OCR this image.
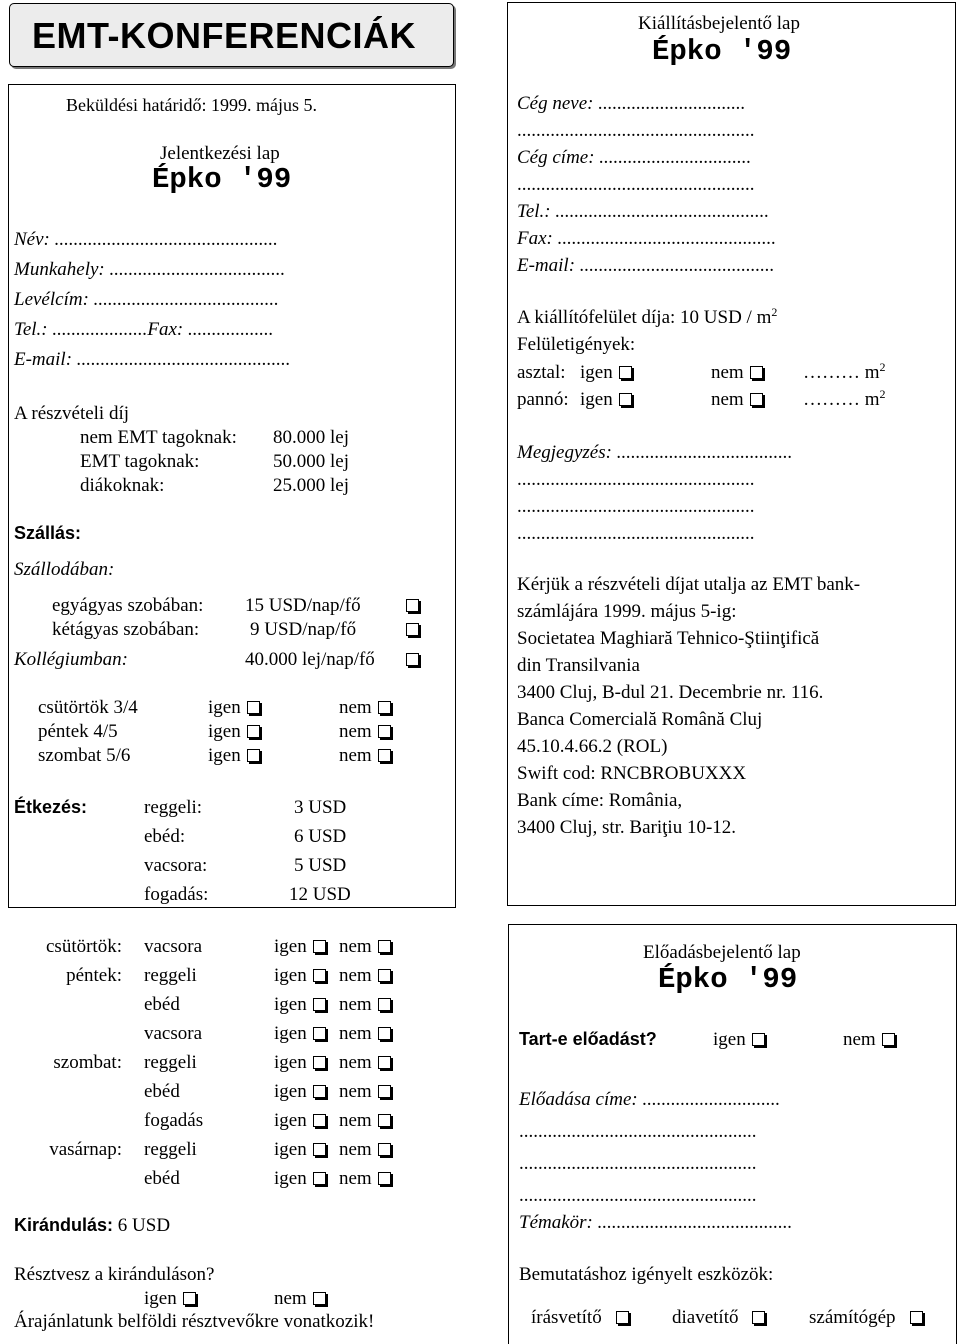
EMT-KONFERENCIÁK
Beküldési határidő: 1999. május 5.
Jelentkezési lap
Épko '99
Név: ...............................................
Munkahely: .....................................
Levélcím: .......................................
Tel.: ....................Fax: ..................
E-mail: .............................................
A részvételi díj
nem EMT tagoknak: 80.000 lej
EMT tagoknak:	50.000 lej
diákoknak:	25.000 lej
Szállás:
Szállodában:
egyágyas szobában: 15 USD/nap/fő
kétágyas szobában:	9 USD/nap/fő
Kollégiumban:	40.000 lej/nap/fő
csütörtök 3/4	igen	nem
péntek 4/5	igen	nem
szombat 5/6	igen	nem
Étkezés:	reggeli:	3 USD
ebéd:	6 USD
vacsora:	5 USD
fogadás:	12 USD
csütörtök: vacsora	igen	nem
péntek: reggeli	igen	nem
ebéd	igen	nem
vacsora	igen	nem
szombat: reggeli	igen	nem
ebéd	igen	nem
fogadás	igen	nem
vasárnap: reggeli	igen	nem
ebéd	igen	nem
Kirándulás: 6 USD
Résztvesz a kiránduláson?
igen	nem
Árajánlatunk belföldi résztvevőkre vonatkozik!
Kiállításbejelentő lap
Épko '99
Cég neve: ...............................
..................................................
Cég címe: ................................
..................................................
Tel.: .............................................
Fax: ..............................................
E-mail: .........................................
A kiállítófelület díja: 10 USD / $m^2$
Felületigények:
asztal: igen	nem	……… $m^2$
pannó: igen	nem	……… $m^2$
Megjegyzés: .....................................
..................................................
..................................................
..................................................
Kérjük a részvételi díjat utalja az EMT bank-
számlájára 1999. május 5-ig:
Societatea Maghiară Tehnico-Ştiinţifică
din Transilvania
3400 Cluj, B-dul 21. Decembrie nr. 116.
Banca Comercială Română Cluj
45.10.4.66.2 (ROL)
Swift cod: RNCBROBUXXX
Bank címe: România,
3400 Cluj, str. Bariţiu 10-12.
Előadásbejelentő lap
Épko '99
Tart-e előadást?	igen	nem
Előadása címe: .............................
..................................................
..................................................
..................................................
Témakör: .........................................
Bemutatáshoz igényelt eszközök:
írásvetítő	diavetítő	számítógép
